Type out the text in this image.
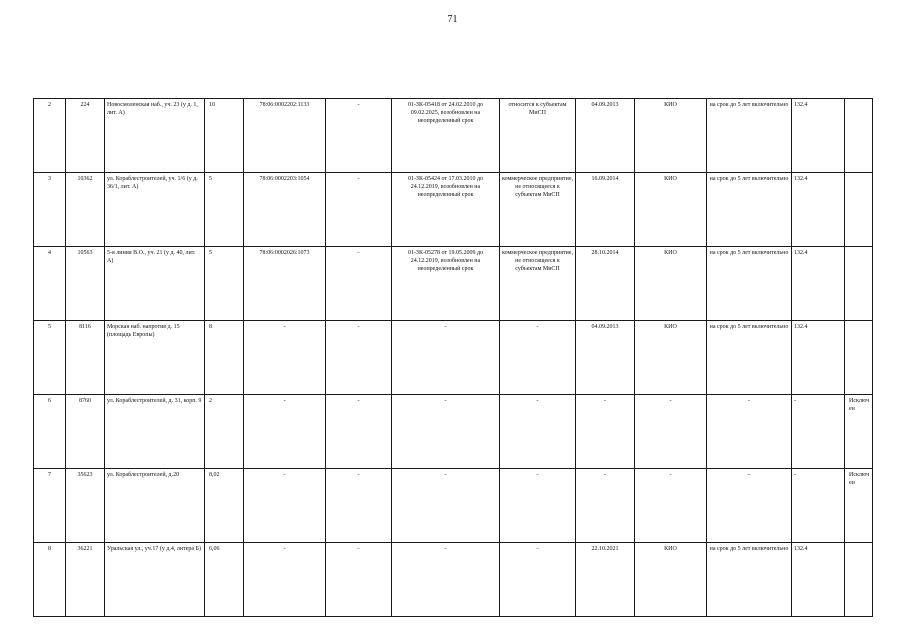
71
2	224	Новосмоленская наб., уч. 23 (у д. 1, лит. А)	10	78:06:0002202:1133	-	01-ЗК-05418 от 24.02.2010 до 09.02.2025, возобновлен на неопределенный срок	относится к субъектам МиСП	04.09.2013	КИО	на срок до 5 лет включительно	132.4	
3	10362	ул. Кораблестроителей, уч. 1/6 (у д. 36/1, лит. А)	5	78:06:0002203:1054	-	01-ЗК-05424 от 17.03.2010 до 24.12.2019, возобновлен на неопределенный срок	коммерческое предприятие, не относящееся к субъектам МиСП	16.09.2014	КИО	на срок до 5 лет включительно	132.4	
4	10563	5-я линия В.О., уч. 21 (у д. 40, лит. А)	5	78:06:0002026:1073	-	01-ЗК-05278 от 19.05.2009 до 24.12.2019, возобновлен на неопределенный срок	коммерческое предприятие, не относящееся к субъектам МиСП	28.10.2014	КИО	на срок до 5 лет включительно	132.4	
5	8116	Морская наб. напротив д. 15 (площадь Европы)	8	-	-	-	-	04.09.2013	КИО	на срок до 5 лет включительно	132.4	
6	8760	ул. Кораблестроителей, д. 31, корп. 9	2	-	-	-	-	-	-	-	-	Исключен
7	35623	ул. Кораблестроителей, д.20	8,02	-	-	-	-	-	-	–	-	Исключен
8	36221	Уральская ул., уч.17 (у д.4, литера Б)	6,06	-	-	-	-	22.10.2021	КИО	на срок до 5 лет включительно	132.4	
